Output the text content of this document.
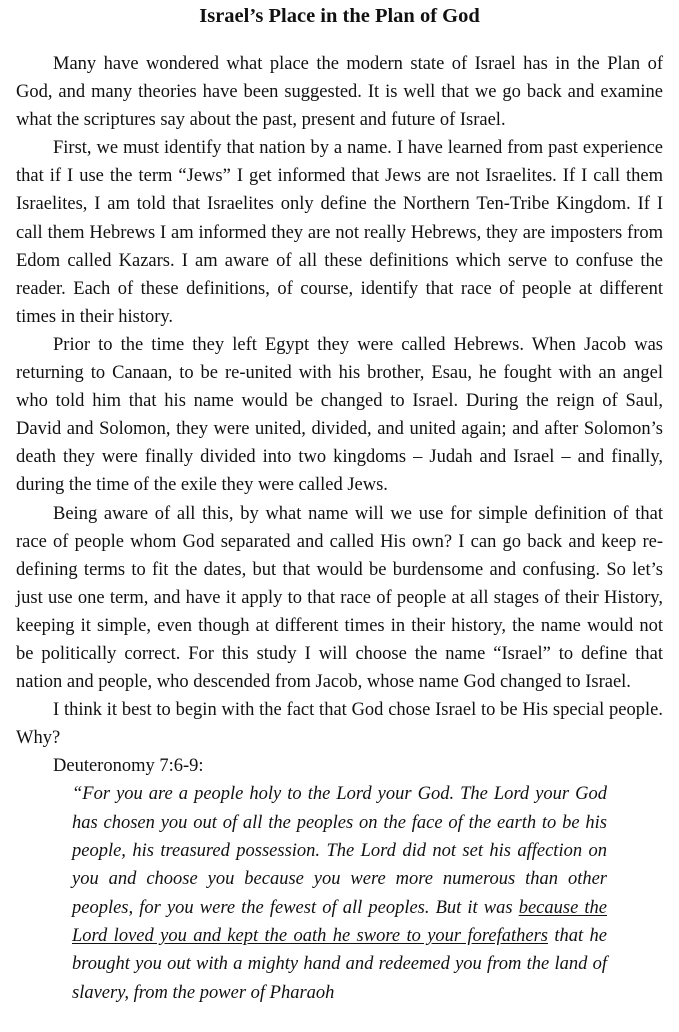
Israel’s Place in the Plan of God

Many have wondered what place the modern state of Israel has in the Plan of God, and many theories have been suggested. It is well that we go back and examine what the scriptures say about the past, present and future of Israel.

First, we must identify that nation by a name. I have learned from past experience that if I use the term “Jews” I get informed that Jews are not Israelites. If I call them Israelites, I am told that Israelites only define the Northern Ten-Tribe Kingdom. If I call them Hebrews I am informed they are not really Hebrews, they are imposters from Edom called Kazars. I am aware of all these definitions which serve to confuse the reader. Each of these definitions, of course, identify that race of people at different times in their history.

Prior to the time they left Egypt they were called Hebrews. When Jacob was returning to Canaan, to be re-united with his brother, Esau, he fought with an angel who told him that his name would be changed to Israel. During the reign of Saul, David and Solomon, they were united, divided, and united again; and after Solomon’s death they were finally divided into two kingdoms – Judah and Israel – and finally, during the time of the exile they were called Jews.

Being aware of all this, by what name will we use for simple definition of that race of people whom God separated and called His own? I can go back and keep redefining terms to fit the dates, but that would be burdensome and confusing. So let’s just use one term, and have it apply to that race of people at all stages of their History, keeping it simple, even though at different times in their history, the name would not be politically correct. For this study I will choose the name “Israel” to define that nation and people, who descended from Jacob, whose name God changed to Israel.

I think it best to begin with the fact that God chose Israel to be His special people. Why?

Deuteronomy 7:6-9:
“For you are a people holy to the Lord your God. The Lord your God has chosen you out of all the peoples on the face of the earth to be his people, his treasured possession. The Lord did not set his affection on you and choose you because you were more numerous than other peoples, for you were the fewest of all peoples. But it was because the Lord loved you and kept the oath he swore to your forefathers that he brought you out with a mighty hand and redeemed you from the land of slavery, from the power of Pharaoh
